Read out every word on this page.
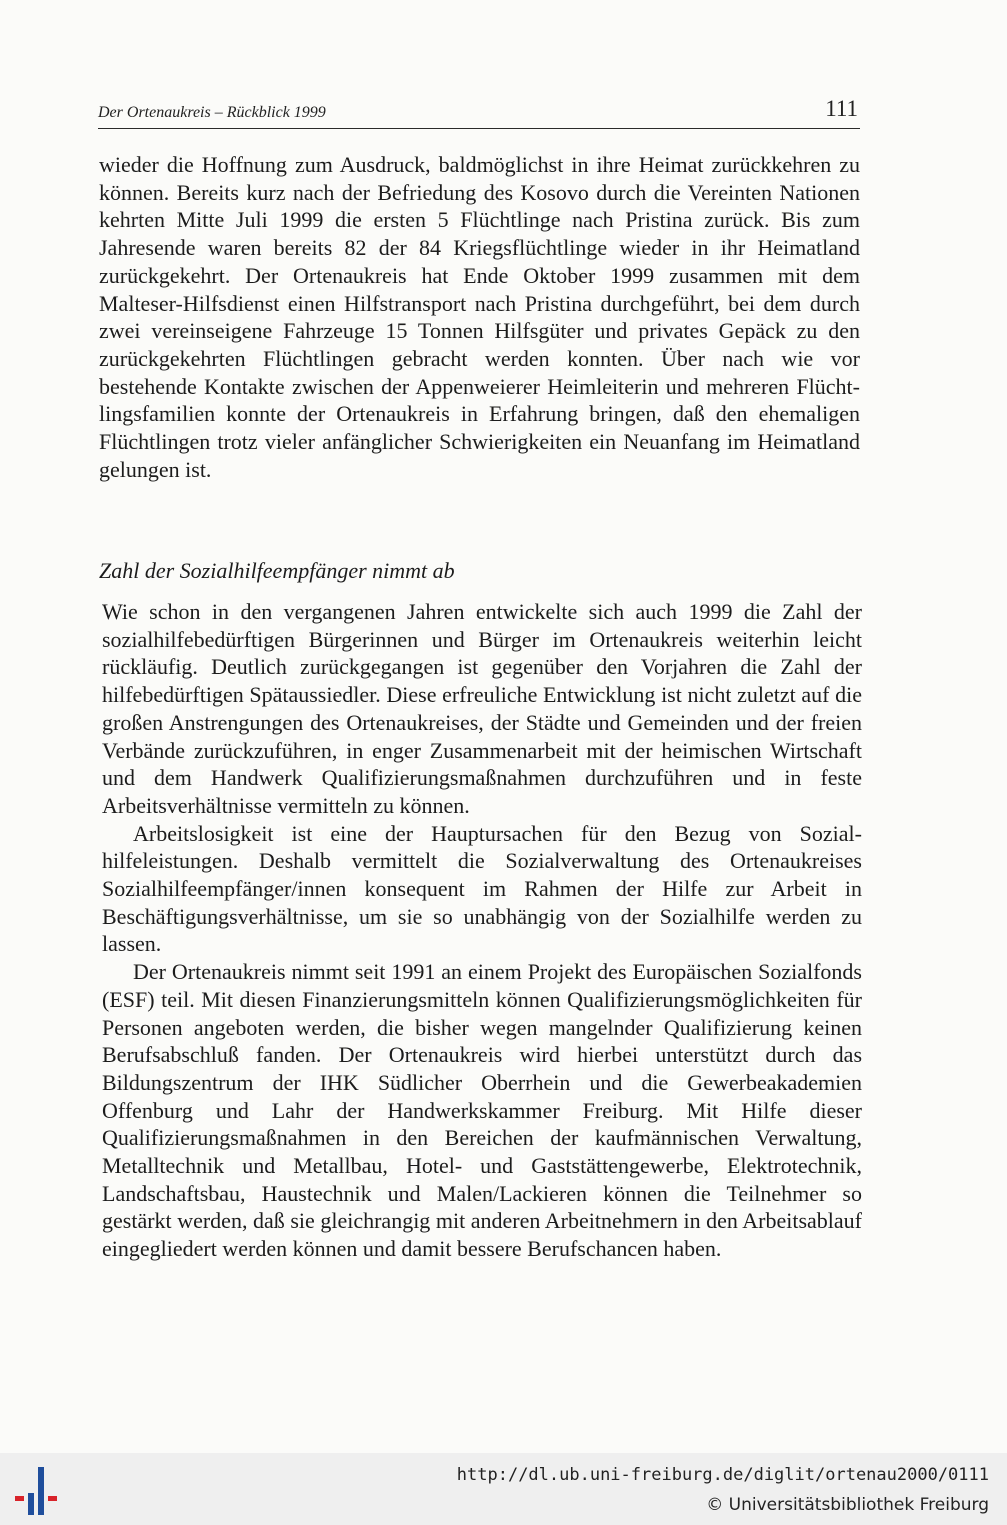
Der Ortenaukreis – Rückblick 1999	111

wieder die Hoffnung zum Ausdruck, baldmöglichst in ihre Heimat zurückkehren zu können. Bereits kurz nach der Befriedung des Kosovo durch die Vereinten Nationen kehrten Mitte Juli 1999 die ersten 5 Flüchtlinge nach Pristina zurück. Bis zum Jahresende waren bereits 82 der 84 Kriegsflüchtlinge wieder in ihr Heimatland zurückgekehrt. Der Ortenaukreis hat Ende Oktober 1999 zusammen mit dem Malteser-Hilfsdienst einen Hilfstransport nach Pristina durchgeführt, bei dem durch zwei vereinseigene Fahrzeuge 15 Tonnen Hilfsgüter und privates Gepäck zu den zurückgekehrten Flüchtlingen gebracht werden konnten. Über nach wie vor bestehende Kontakte zwischen der Appenweierer Heimleiterin und mehreren Flüchtlingsfamilien konnte der Ortenaukreis in Erfahrung bringen, daß den ehemaligen Flüchtlingen trotz vieler anfänglicher Schwierigkeiten ein Neuanfang im Heimatland gelungen ist.

Zahl der Sozialhilfeempfänger nimmt ab

Wie schon in den vergangenen Jahren entwickelte sich auch 1999 die Zahl der sozialhilfebedürftigen Bürgerinnen und Bürger im Ortenaukreis weiterhin leicht rückläufig. Deutlich zurückgegangen ist gegenüber den Vorjahren die Zahl der hilfebedürftigen Spätaussiedler. Diese erfreuliche Entwicklung ist nicht zuletzt auf die großen Anstrengungen des Ortenaukreises, der Städte und Gemeinden und der freien Verbände zurückzuführen, in enger Zusammenarbeit mit der heimischen Wirtschaft und dem Handwerk Qualifizierungsmaßnahmen durchzuführen und in feste Arbeitsverhältnisse vermitteln zu können.

Arbeitslosigkeit ist eine der Hauptursachen für den Bezug von Sozialhilfeleistungen. Deshalb vermittelt die Sozialverwaltung des Ortenaukreises Sozialhilfeempfänger/innen konsequent im Rahmen der Hilfe zur Arbeit in Beschäftigungsverhältnisse, um sie so unabhängig von der Sozialhilfe werden zu lassen.

Der Ortenaukreis nimmt seit 1991 an einem Projekt des Europäischen Sozialfonds (ESF) teil. Mit diesen Finanzierungsmitteln können Qualifizierungsmöglichkeiten für Personen angeboten werden, die bisher wegen mangelnder Qualifizierung keinen Berufsabschluß fanden. Der Ortenaukreis wird hierbei unterstützt durch das Bildungszentrum der IHK Südlicher Oberrhein und die Gewerbeakademien Offenburg und Lahr der Handwerkskammer Freiburg. Mit Hilfe dieser Qualifizierungsmaßnahmen in den Bereichen der kaufmännischen Verwaltung, Metalltechnik und Metallbau, Hotel- und Gaststättengewerbe, Elektrotechnik, Landschaftsbau, Haustechnik und Malen/Lackieren können die Teilnehmer so gestärkt werden, daß sie gleichrangig mit anderen Arbeitnehmern in den Arbeitsablauf eingegliedert werden können und damit bessere Berufschancen haben.

http://dl.ub.uni-freiburg.de/diglit/ortenau2000/0111
© Universitätsbibliothek Freiburg
